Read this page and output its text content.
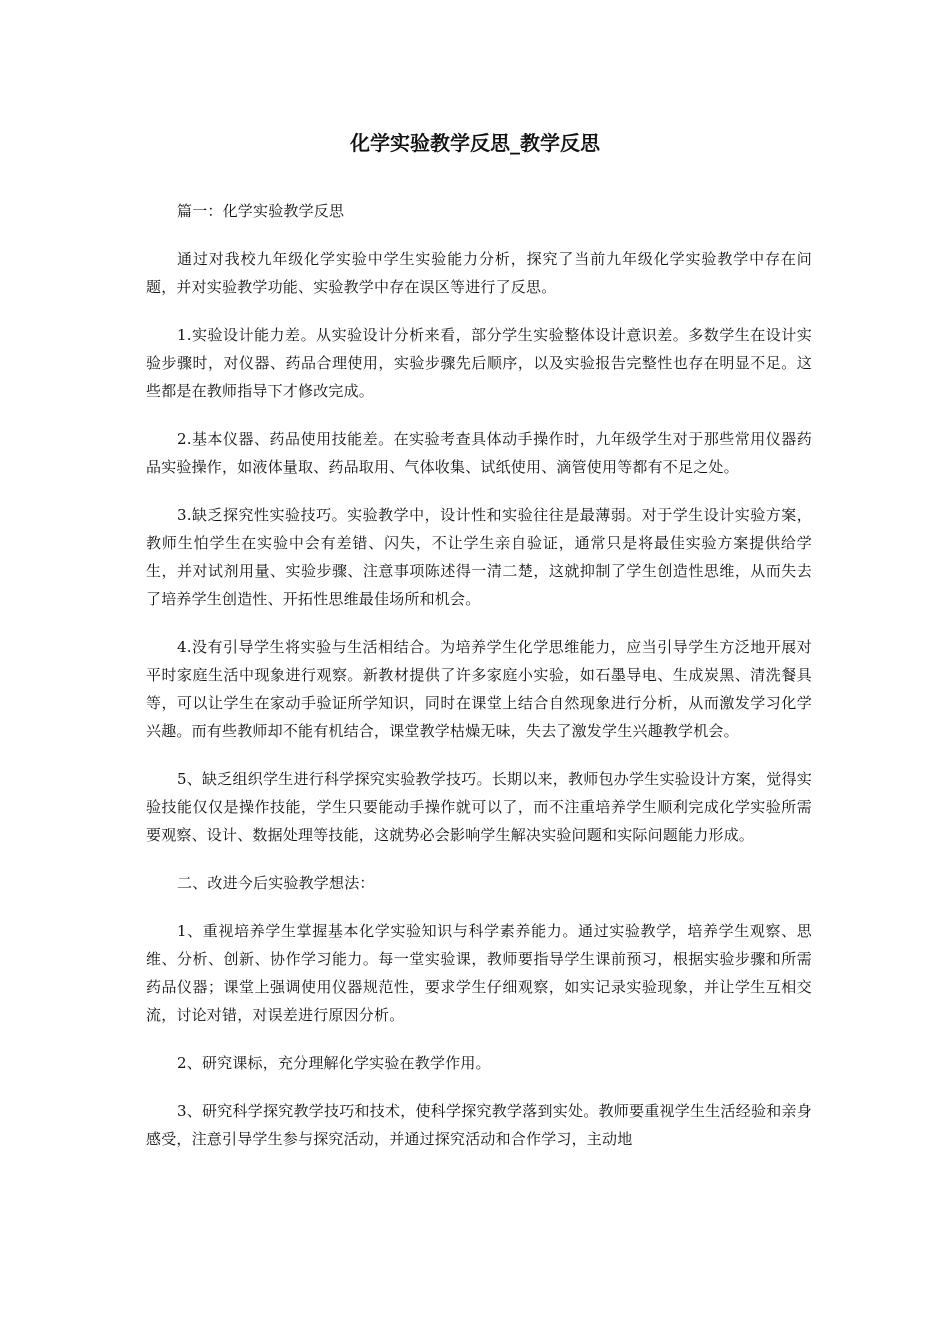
化学实验教学反思_教学反思

篇一：化学实验教学反思

通过对我校九年级化学实验中学生实验能力分析，探究了当前九年级化学实验教学中存在问题，并对实验教学功能、实验教学中存在误区等进行了反思。

1.实验设计能力差。从实验设计分析来看，部分学生实验整体设计意识差。多数学生在设计实验步骤时，对仪器、药品合理使用，实验步骤先后顺序，以及实验报告完整性也存在明显不足。这些都是在教师指导下才修改完成。

2.基本仪器、药品使用技能差。在实验考查具体动手操作时，九年级学生对于那些常用仪器药品实验操作，如液体量取、药品取用、气体收集、试纸使用、滴管使用等都有不足之处。

3.缺乏探究性实验技巧。实验教学中，设计性和实验往往是最薄弱。对于学生设计实验方案，教师生怕学生在实验中会有差错、闪失，不让学生亲自验证，通常只是将最佳实验方案提供给学生，并对试剂用量、实验步骤、注意事项陈述得一清二楚，这就抑制了学生创造性思维，从而失去了培养学生创造性、开拓性思维最佳场所和机会。

4.没有引导学生将实验与生活相结合。为培养学生化学思维能力，应当引导学生方泛地开展对平时家庭生活中现象进行观察。新教材提供了许多家庭小实验，如石墨导电、生成炭黑、清洗餐具等，可以让学生在家动手验证所学知识，同时在课堂上结合自然现象进行分析，从而激发学习化学兴趣。而有些教师却不能有机结合，课堂教学枯燥无味，失去了激发学生兴趣教学机会。

5、缺乏组织学生进行科学探究实验教学技巧。长期以来，教师包办学生实验设计方案，觉得实验技能仅仅是操作技能，学生只要能动手操作就可以了，而不注重培养学生顺利完成化学实验所需要观察、设计、数据处理等技能，这就势必会影响学生解决实验问题和实际问题能力形成。

二、改进今后实验教学想法：

1、重视培养学生掌握基本化学实验知识与科学素养能力。通过实验教学，培养学生观察、思维、分析、创新、协作学习能力。每一堂实验课，教师要指导学生课前预习，根据实验步骤和所需药品仪器；课堂上强调使用仪器规范性，要求学生仔细观察，如实记录实验现象，并让学生互相交流，讨论对错，对误差进行原因分析。

2、研究课标，充分理解化学实验在教学作用。

3、研究科学探究教学技巧和技术，使科学探究教学落到实处。教师要重视学生生活经验和亲身感受，注意引导学生参与探究活动，并通过探究活动和合作学习，主动地
